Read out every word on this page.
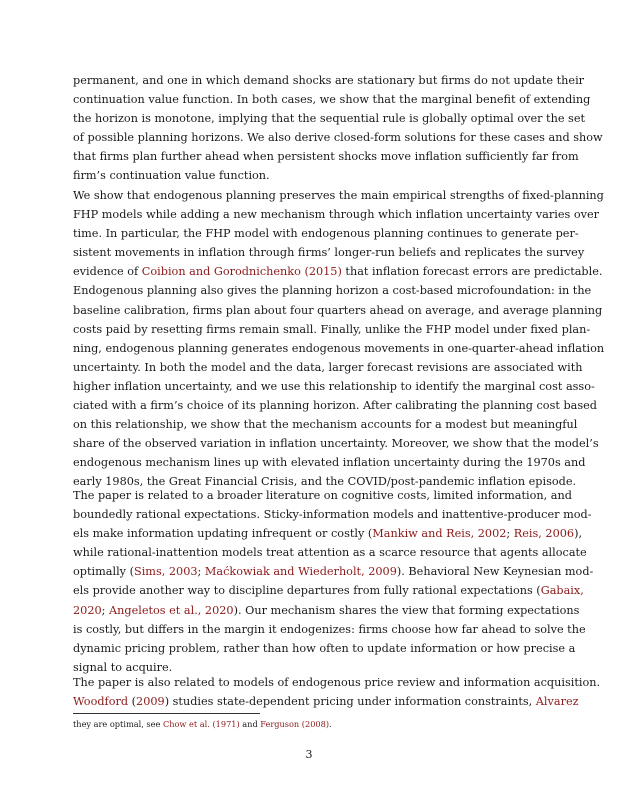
permanent, and one in which demand shocks are stationary but firms do not update their
continuation value function. In both cases, we show that the marginal benefit of extending
the horizon is monotone, implying that the sequential rule is globally optimal over the set
of possible planning horizons. We also derive closed-form solutions for these cases and show
that firms plan further ahead when persistent shocks move inflation sufficiently far from
firm’s continuation value function.
We show that endogenous planning preserves the main empirical strengths of fixed-planning
FHP models while adding a new mechanism through which inflation uncertainty varies over
time. In particular, the FHP model with endogenous planning continues to generate per-
sistent movements in inflation through firms’ longer-run beliefs and replicates the survey
evidence of Coibion and Gorodnichenko (2015) that inflation forecast errors are predictable.
Endogenous planning also gives the planning horizon a cost-based microfoundation: in the
baseline calibration, firms plan about four quarters ahead on average, and average planning
costs paid by resetting firms remain small. Finally, unlike the FHP model under fixed plan-
ning, endogenous planning generates endogenous movements in one-quarter-ahead inflation
uncertainty. In both the model and the data, larger forecast revisions are associated with
higher inflation uncertainty, and we use this relationship to identify the marginal cost asso-
ciated with a firm’s choice of its planning horizon. After calibrating the planning cost based
on this relationship, we show that the mechanism accounts for a modest but meaningful
share of the observed variation in inflation uncertainty. Moreover, we show that the model’s
endogenous mechanism lines up with elevated inflation uncertainty during the 1970s and
early 1980s, the Great Financial Crisis, and the COVID/post-pandemic inflation episode.
The paper is related to a broader literature on cognitive costs, limited information, and
boundedly rational expectations. Sticky-information models and inattentive-producer mod-
els make information updating infrequent or costly (Mankiw and Reis, 2002; Reis, 2006),
while rational-inattention models treat attention as a scarce resource that agents allocate
optimally (Sims, 2003; Maćkowiak and Wiederholt, 2009). Behavioral New Keynesian mod-
els provide another way to discipline departures from fully rational expectations (Gabaix,
2020; Angeletos et al., 2020). Our mechanism shares the view that forming expectations
is costly, but differs in the margin it endogenizes: firms choose how far ahead to solve the
dynamic pricing problem, rather than how often to update information or how precise a
signal to acquire.
The paper is also related to models of endogenous price review and information acquisition.
Woodford (2009) studies state-dependent pricing under information constraints, Alvarez
they are optimal, see Chow et al. (1971) and Ferguson (2008).
3
